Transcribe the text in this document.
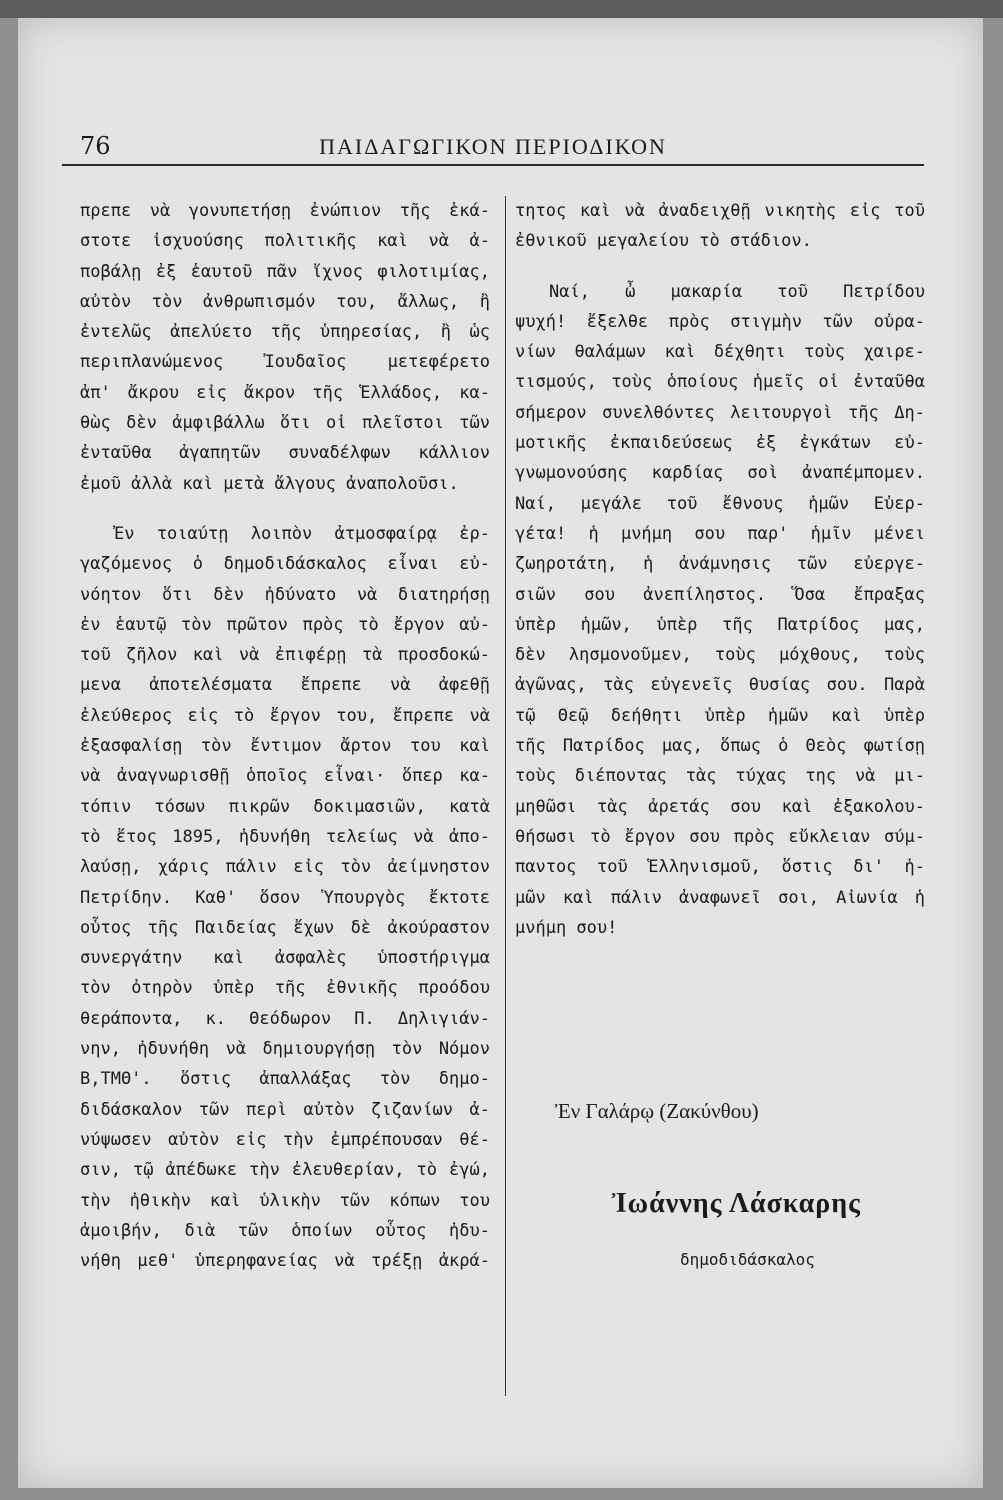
76	ΠΑΙΔΑΓΩΓΙΚΟΝ ΠΕΡΙΟΔΙΚΟΝ
πρεπε νὰ γονυπετήσῃ ἐνώπιον τῆς ἑκά-
στοτε ἰσχυούσης πολιτικῆς καὶ νὰ ἀ-
ποβάλῃ ἐξ ἑαυτοῦ πᾶν ἴχνος φιλοτιμίας,
αὐτὸν τὸν ἀνθρωπισμόν του, ἄλλως, ἢ
ἐντελῶς ἀπελύετο τῆς ὑπηρεσίας, ἢ ὡς
περιπλανώμενος Ἰουδαῖος μετεφέρετο
ἀπ' ἄκρου εἰς ἄκρον τῆς Ἑλλάδος, κα-
θὼς δὲν ἀμφιβάλλω ὅτι οἱ πλεῖστοι τῶν
ἐνταῦθα ἀγαπητῶν συναδέλφων κάλλιον
ἐμοῦ ἀλλὰ καὶ μετὰ ἄλγους ἀναπολοῦσι.
Ἐν τοιαύτῃ λοιπὸν ἀτμοσφαίρᾳ ἐρ-
γαζόμενος ὁ δημοδιδάσκαλος εἶναι εὐ-
νόητον ὅτι δὲν ἠδύνατο νὰ διατηρήσῃ
ἐν ἑαυτῷ τὸν πρῶτον πρὸς τὸ ἔργον αὐ-
τοῦ ζῆλον καὶ νὰ ἐπιφέρῃ τὰ προσδοκώ-
μενα ἀποτελέσματα ἔπρεπε νὰ ἀφεθῇ
ἐλεύθερος εἰς τὸ ἔργον του, ἔπρεπε νὰ
ἐξασφαλίσῃ τὸν ἔντιμον ἄρτον του καὶ
νὰ ἀναγνωρισθῇ ὁποῖος εἶναι· ὅπερ κα-
τόπιν τόσων πικρῶν δοκιμασιῶν, κατὰ
τὸ ἔτος 1895, ἠδυνήθη τελείως νὰ ἀπο-
λαύσῃ, χάρις πάλιν εἰς τὸν ἀείμνηστον
Πετρίδην. Καθ' ὅσον Ὑπουργὸς ἔκτοτε
οὗτος τῆς Παιδείας ἔχων δὲ ἀκούραστον
συνεργάτην καὶ ἀσφαλὲς ὑποστήριγμα
τὸν ὀτηρὸν ὑπὲρ τῆς ἐθνικῆς προόδου
θεράποντα, κ. Θεόδωρον Π. Δηλιγιάν-
νην, ἠδυνήθη νὰ δημιουργήσῃ τὸν Νόμον
Β,ΤΜΘ'. ὅστις ἀπαλλάξας τὸν δημο-
διδάσκαλον τῶν περὶ αὐτὸν ζιζανίων ἀ-
νύψωσεν αὐτὸν εἰς τὴν ἐμπρέπουσαν θέ-
σιν, τῷ ἀπέδωκε τὴν ἐλευθερίαν, τὸ ἐγώ,
τὴν ἠθικὴν καὶ ὑλικὴν τῶν κόπων του
ἀμοιβήν, διὰ τῶν ὁποίων οὗτος ἠδυ-
νήθη μεθ' ὑπερηφανείας νὰ τρέξῃ ἀκρά-
τητος καὶ νὰ ἀναδειχθῇ νικητὴς εἰς τοῦ
ἐθνικοῦ μεγαλείου τὸ στάδιον.
Ναί, ὦ μακαρία τοῦ Πετρίδου
ψυχή! ἔξελθε πρὸς στιγμὴν τῶν οὐρα-
νίων θαλάμων καὶ δέχθητι τοὺς χαιρε-
τισμούς, τοὺς ὁποίους ἡμεῖς οἱ ἐνταῦθα
σήμερον συνελθόντες λειτουργοὶ τῆς Δη-
μοτικῆς ἐκπαιδεύσεως ἐξ ἐγκάτων εὐ-
γνωμονούσης καρδίας σοὶ ἀναπέμπομεν.
Ναί, μεγάλε τοῦ ἔθνους ἡμῶν Εὐερ-
γέτα! ἡ μνήμη σου παρ' ἡμῖν μένει
ζωηροτάτη, ἡ ἀνάμνησις τῶν εὐεργε-
σιῶν σου ἀνεπίληστος. Ὅσα ἔπραξας
ὑπὲρ ἡμῶν, ὑπὲρ τῆς Πατρίδος μας,
δὲν λησμονοῦμεν, τοὺς μόχθους, τοὺς
ἀγῶνας, τὰς εὐγενεῖς θυσίας σου. Παρὰ
τῷ Θεῷ δεήθητι ὑπὲρ ἡμῶν καὶ ὑπὲρ
τῆς Πατρίδος μας, ὅπως ὁ Θεὸς φωτίσῃ
τοὺς διέποντας τὰς τύχας της νὰ μι-
μηθῶσι τὰς ἀρετάς σου καὶ ἐξακολου-
θήσωσι τὸ ἔργον σου πρὸς εὔκλειαν σύμ-
παντος τοῦ Ἑλληνισμοῦ, ὅστις δι' ἡ-
μῶν καὶ πάλιν ἀναφωνεῖ σοι, Αἰωνία ἡ
μνήμη σου!
Ἐν Γαλάρῳ (Ζακύνθου)
Ἰωάννης Λάσκαρης
δημοδιδάσκαλος
